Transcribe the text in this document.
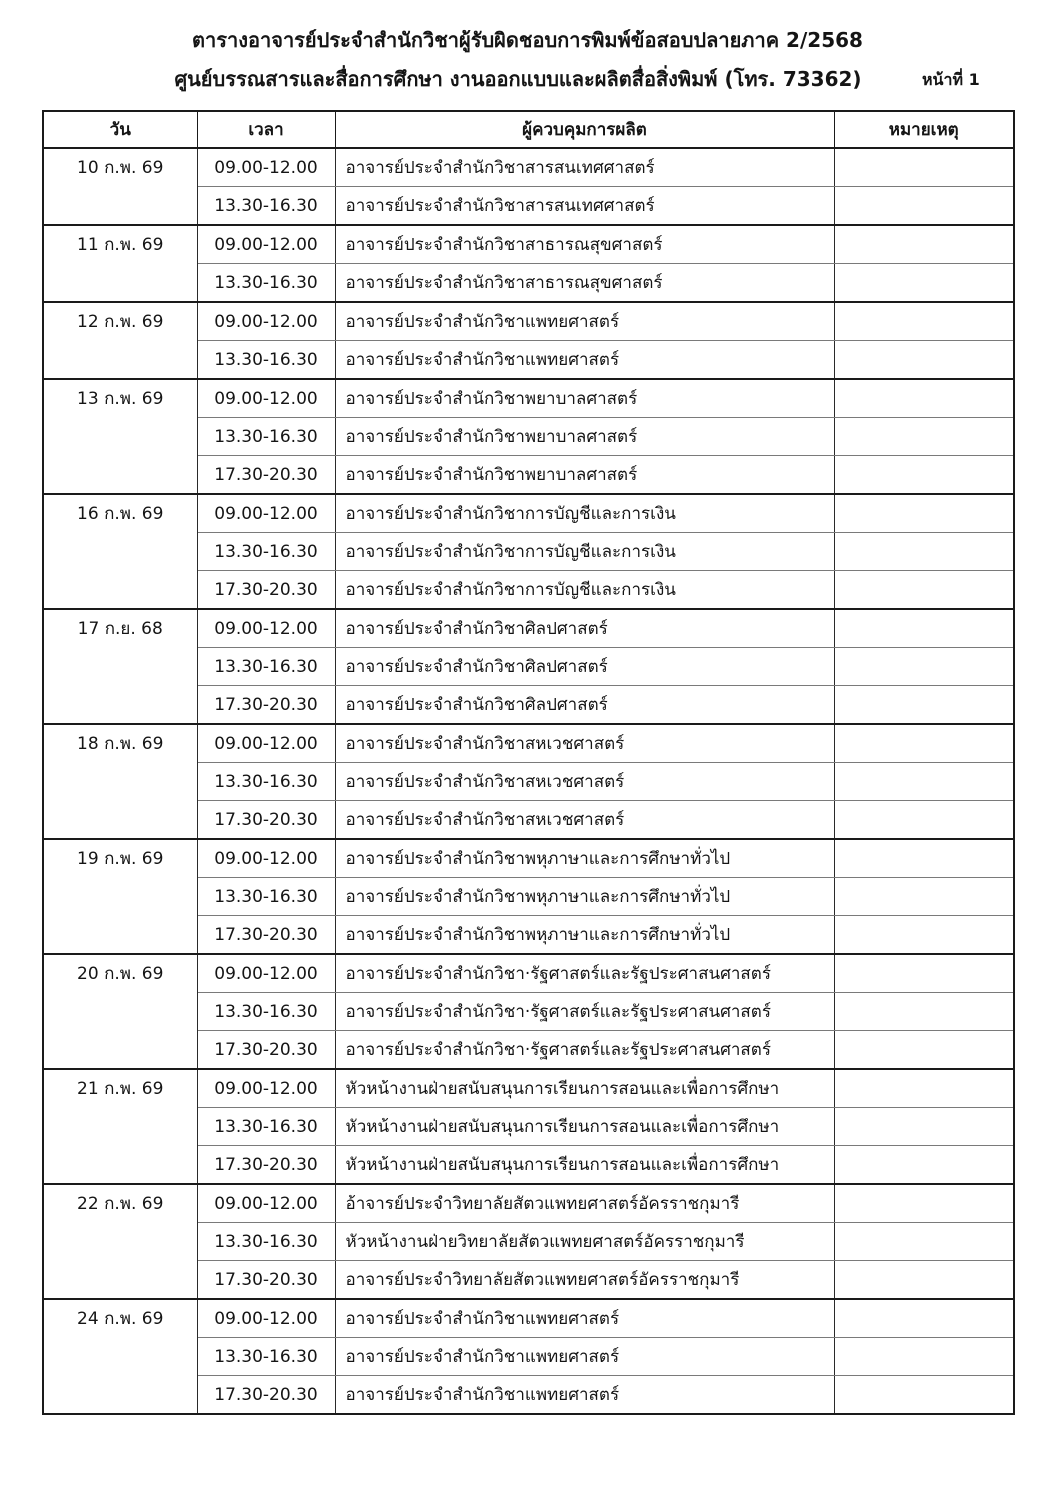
ตารางอาจารย์ประจำสำนักวิชาผู้รับผิดชอบการพิมพ์ข้อสอบปลายภาค 2/2568
ศูนย์บรรณสารและสื่อการศึกษา งานออกแบบและผลิตสื่อสิ่งพิมพ์ (โทร. 73362)	หน้าที่ 1
วัน	เวลา	ผู้ควบคุมการผลิต	หมายเหตุ
10 ก.พ. 69	09.00-12.00	อาจารย์ประจำสำนักวิชาสารสนเทศศาสตร์	
	13.30-16.30	อาจารย์ประจำสำนักวิชาสารสนเทศศาสตร์	
11 ก.พ. 69	09.00-12.00	อาจารย์ประจำสำนักวิชาสาธารณสุขศาสตร์	
	13.30-16.30	อาจารย์ประจำสำนักวิชาสาธารณสุขศาสตร์	
12 ก.พ. 69	09.00-12.00	อาจารย์ประจำสำนักวิชาแพทยศาสตร์	
	13.30-16.30	อาจารย์ประจำสำนักวิชาแพทยศาสตร์	
13 ก.พ. 69	09.00-12.00	อาจารย์ประจำสำนักวิชาพยาบาลศาสตร์	
	13.30-16.30	อาจารย์ประจำสำนักวิชาพยาบาลศาสตร์	
	17.30-20.30	อาจารย์ประจำสำนักวิชาพยาบาลศาสตร์	
16 ก.พ. 69	09.00-12.00	อาจารย์ประจำสำนักวิชาการบัญชีและการเงิน	
	13.30-16.30	อาจารย์ประจำสำนักวิชาการบัญชีและการเงิน	
	17.30-20.30	อาจารย์ประจำสำนักวิชาการบัญชีและการเงิน	
17 ก.ย. 68	09.00-12.00	อาจารย์ประจำสำนักวิชาศิลปศาสตร์	
	13.30-16.30	อาจารย์ประจำสำนักวิชาศิลปศาสตร์	
	17.30-20.30	อาจารย์ประจำสำนักวิชาศิลปศาสตร์	
18 ก.พ. 69	09.00-12.00	อาจารย์ประจำสำนักวิชาสหเวชศาสตร์	
	13.30-16.30	อาจารย์ประจำสำนักวิชาสหเวชศาสตร์	
	17.30-20.30	อาจารย์ประจำสำนักวิชาสหเวชศาสตร์	
19 ก.พ. 69	09.00-12.00	อาจารย์ประจำสำนักวิชาพหุภาษาและการศึกษาทั่วไป	
	13.30-16.30	อาจารย์ประจำสำนักวิชาพหุภาษาและการศึกษาทั่วไป	
	17.30-20.30	อาจารย์ประจำสำนักวิชาพหุภาษาและการศึกษาทั่วไป	
20 ก.พ. 69	09.00-12.00	อาจารย์ประจำสำนักวิชา·รัฐศาสตร์และรัฐประศาสนศาสตร์	
	13.30-16.30	อาจารย์ประจำสำนักวิชา·รัฐศาสตร์และรัฐประศาสนศาสตร์	
	17.30-20.30	อาจารย์ประจำสำนักวิชา·รัฐศาสตร์และรัฐประศาสนศาสตร์	
21 ก.พ. 69	09.00-12.00	หัวหน้างานฝ่ายสนับสนุนการเรียนการสอนและเพื่อการศึกษา	
	13.30-16.30	หัวหน้างานฝ่ายสนับสนุนการเรียนการสอนและเพื่อการศึกษา	
	17.30-20.30	หัวหน้างานฝ่ายสนับสนุนการเรียนการสอนและเพื่อการศึกษา	
22 ก.พ. 69	09.00-12.00	อ้าจารย์ประจำวิทยาลัยสัตวแพทยศาสตร์อัครราชกุมารี	
	13.30-16.30	หัวหน้างานฝ่ายวิทยาลัยสัตวแพทยศาสตร์อัครราชกุมารี	
	17.30-20.30	อาจารย์ประจำวิทยาลัยสัตวแพทยศาสตร์อัครราชกุมารี	
24 ก.พ. 69	09.00-12.00	อาจารย์ประจำสำนักวิชาแพทยศาสตร์	
	13.30-16.30	อาจารย์ประจำสำนักวิชาแพทยศาสตร์	
	17.30-20.30	อาจารย์ประจำสำนักวิชาแพทยศาสตร์	
